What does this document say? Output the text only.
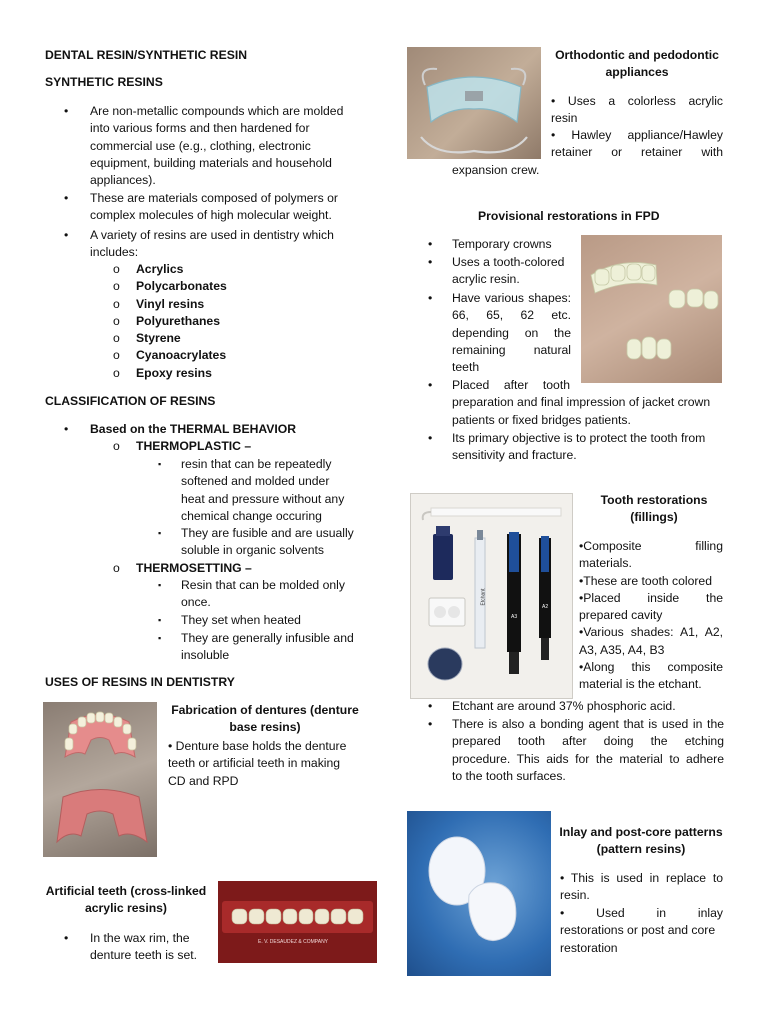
DENTAL RESIN/SYNTHETIC RESIN
SYNTHETIC RESINS
•	Are non-metallic compounds which are molded
into various forms and then hardened for
commercial use (e.g., clothing, electronic
equipment, building materials and household
appliances).
•	These are materials composed of polymers or
complex molecules of high molecular weight.
•	A variety of resins are used in dentistry which
includes:
o Acrylics
o Polycarbonates
o Vinyl resins
o Polyurethanes
o Styrene
o Cyanoacrylates
o Epoxy resins
CLASSIFICATION OF RESINS
•	Based on the THERMAL BEHAVIOR
o	THERMOPLASTIC –
▪	resin that can be repeatedly
softened and molded under
heat and pressure without any
chemical change occuring
▪	They are fusible and are usually
soluble in organic solvents
o	THERMOSETTING –
▪	Resin that can be molded only
once.
▪	They set when heated
▪	They are generally infusible and
insoluble
USES OF RESINS IN DENTISTRY
Fabrication of dentures (denture
base resins)
• Denture base holds the denture
teeth or artificial teeth in making
CD and RPD
Artificial teeth (cross-linked
acrylic resins)
•	In the wax rim, the
denture teeth is set.
E. V. DESAUDEZ & COMPANY
Orthodontic and pedodontic
appliances
• Uses a colorless acrylic
resin
• Hawley appliance/Hawley
retainer or retainer with
expansion crew.
Provisional restorations in FPD
•	Temporary crowns
•	Uses a tooth-colored
acrylic resin.
•	Have various shapes:
66, 65, 62 etc.
depending on the
remaining natural
teeth
•	Placed after tooth
preparation and final impression of jacket crown
patients or fixed bridges patients.
•	Its primary objective is to protect the tooth from
sensitivity and fracture.
Etchant
A3
A2
Tooth restorations
(fillings)
•Composite filling
materials.
•These are tooth colored
•Placed inside the
prepared cavity
•Various shades: A1, A2,
A3, A35, A4, B3
•Along this composite
material is the etchant.
•	Etchant are around 37% phosphoric acid.
•	There is also a bonding agent that is used in the
prepared tooth after doing the etching
procedure. This aids for the material to adhere
to the tooth surfaces.
Inlay and post-core patterns
(pattern resins)
• This is used in replace to
resin.
• Used in inlay
restorations or post and core
restoration
